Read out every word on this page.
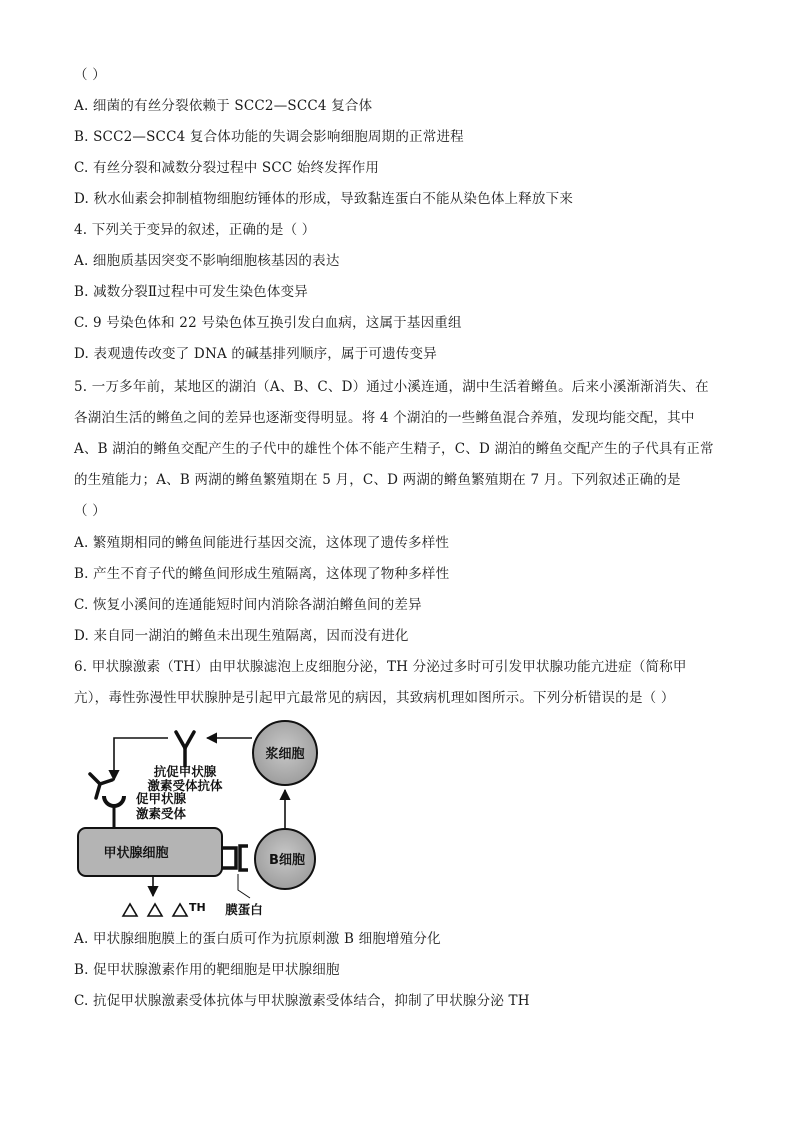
（ ）
A. 细菌的有丝分裂依赖于 SCC2—SCC4 复合体
B. SCC2—SCC4 复合体功能的失调会影响细胞周期的正常进程
C. 有丝分裂和减数分裂过程中 SCC 始终发挥作用
D. 秋水仙素会抑制植物细胞纺锤体的形成，导致黏连蛋白不能从染色体上释放下来
4. 下列关于变异的叙述，正确的是（ ）
A. 细胞质基因突变不影响细胞核基因的表达
B. 减数分裂Ⅱ过程中可发生染色体变异
C. 9 号染色体和 22 号染色体互换引发白血病，这属于基因重组
D. 表观遗传改变了 DNA 的碱基排列顺序，属于可遗传变异
5. 一万多年前，某地区的湖泊（A、B、C、D）通过小溪连通，湖中生活着鳉鱼。后来小溪渐渐消失、在
各湖泊生活的鳉鱼之间的差异也逐渐变得明显。将 4 个湖泊的一些鳉鱼混合养殖，发现均能交配，其中
A、B 湖泊的鳉鱼交配产生的子代中的雄性个体不能产生精子，C、D 湖泊的鳉鱼交配产生的子代具有正常
的生殖能力；A、B 两湖的鳉鱼繁殖期在 5 月，C、D 两湖的鳉鱼繁殖期在 7 月。下列叙述正确的是
（ ）
A. 繁殖期相同的鳉鱼间能进行基因交流，这体现了遗传多样性
B. 产生不育子代的鳉鱼间形成生殖隔离，这体现了物种多样性
C. 恢复小溪间的连通能短时间内消除各湖泊鳉鱼间的差异
D. 来自同一湖泊的鳉鱼未出现生殖隔离，因而没有进化
6. 甲状腺激素（TH）由甲状腺滤泡上皮细胞分泌，TH 分泌过多时可引发甲状腺功能亢进症（简称甲
亢），毒性弥漫性甲状腺肿是引起甲亢最常见的病因，其致病机理如图所示。下列分析错误的是（ ）
A. 甲状腺细胞膜上的蛋白质可作为抗原刺激 B 细胞增殖分化
B. 促甲状腺激素作用的靶细胞是甲状腺细胞
C. 抗促甲状腺激素受体抗体与甲状腺激素受体结合，抑制了甲状腺分泌 TH
浆细胞
抗促甲状腺
激素受体抗体
促甲状腺
激素受体
甲状腺细胞
膜蛋白
B细胞
TH
